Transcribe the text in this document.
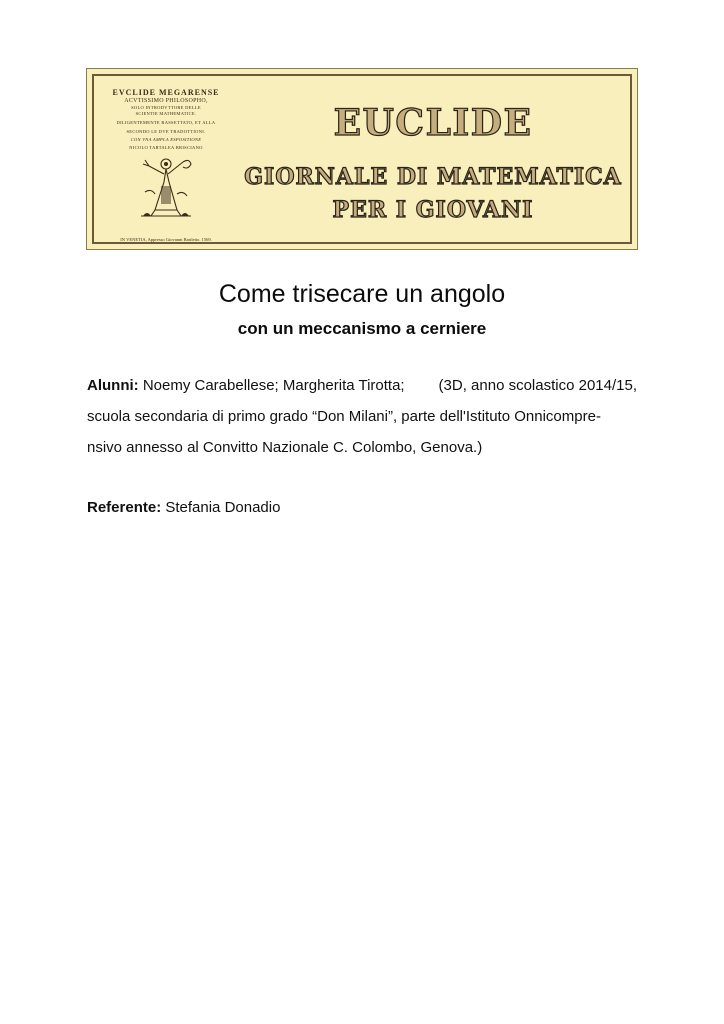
EVCLIDE MEGARENSE
ACVTISSIMO PHILOSOPHO,
SOLO INTRODVTTORE DELLE
SCIENTIE MATHEMATICE.
DILIGENTEMENTE RASSETTATO, ET ALLA
SECONDO LE DVE TRADOTTIONI.
CON VNA AMPLA ESPOSITIONE
NICOLO TARTALEA BRISCIANO
IN VENETIA, Appresso Giovanni Bariletto. 1569.
EUCLIDE
GIORNALE DI MATEMATICA
PER I GIOVANI
Come trisecare un angolo
con un meccanismo a cerniere
Alunni: Noemy Carabellese; Margherita Tirotta; (3D, anno scolastico 2014/15,
scuola secondaria di primo grado “Don Milani”, parte dell'Istituto Onnicompre-
nsivo annesso al Convitto Nazionale C. Colombo, Genova.)
Referente: Stefania Donadio
